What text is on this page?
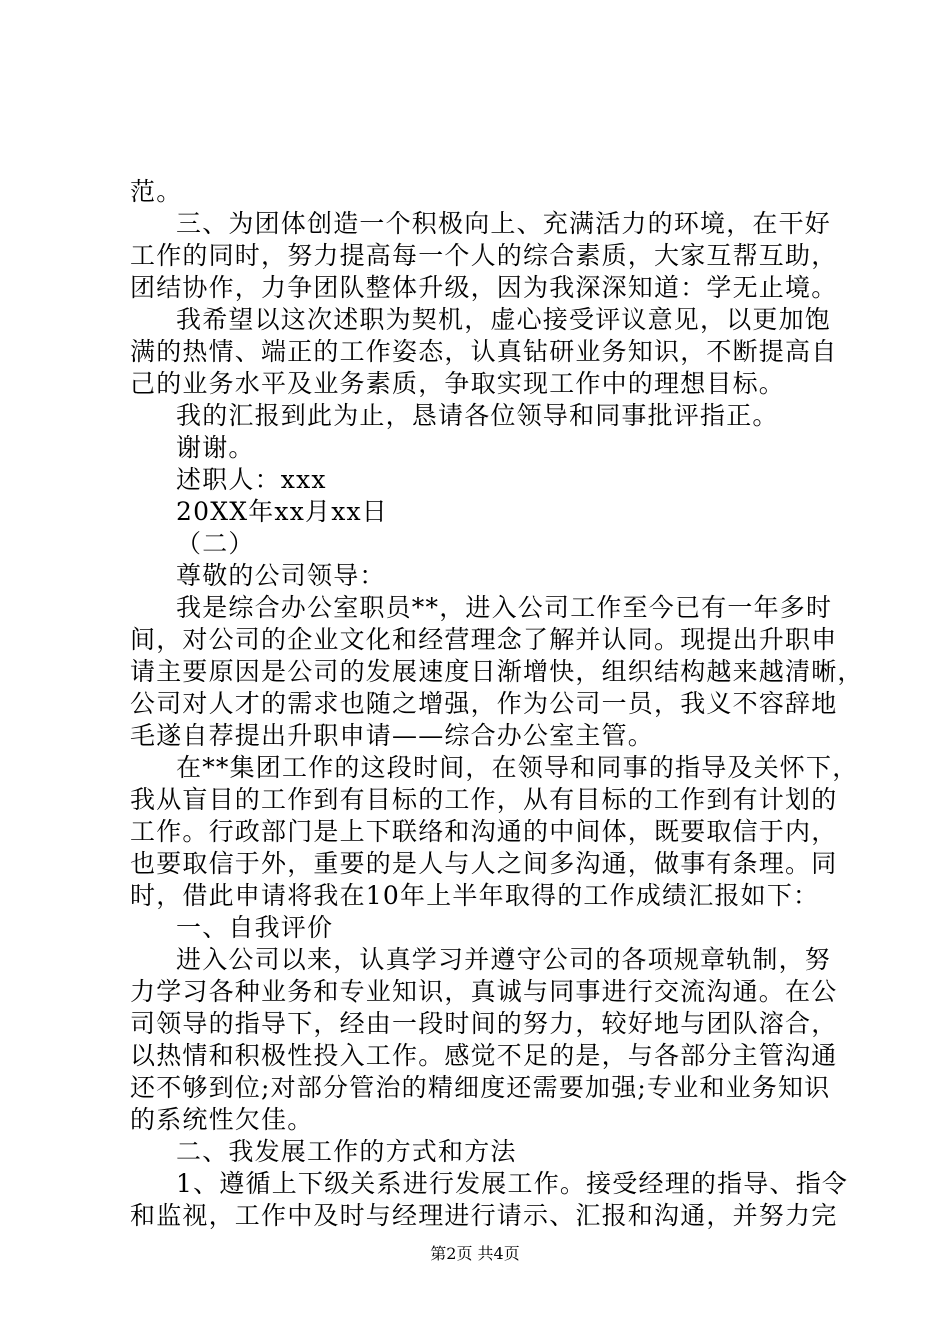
范。
三、为团体创造一个积极向上、充满活力的环境，在干好
工作的同时，努力提高每一个人的综合素质，大家互帮互助，
团结协作，力争团队整体升级，因为我深深知道：学无止境。
我希望以这次述职为契机，虚心接受评议意见，以更加饱
满的热情、端正的工作姿态，认真钻研业务知识，不断提高自
己的业务水平及业务素质，争取实现工作中的理想目标。
我的汇报到此为止，恳请各位领导和同事批评指正。
谢谢。
述职人：xxx
20XX年xx月xx日
（二）
尊敬的公司领导：
我是综合办公室职员**，进入公司工作至今已有一年多时
间，对公司的企业文化和经营理念了解并认同。现提出升职申
请主要原因是公司的发展速度日渐增快，组织结构越来越清晰，
公司对人才的需求也随之增强，作为公司一员，我义不容辞地
毛遂自荐提出升职申请——综合办公室主管。
在**集团工作的这段时间，在领导和同事的指导及关怀下，
我从盲目的工作到有目标的工作，从有目标的工作到有计划的
工作。行政部门是上下联络和沟通的中间体，既要取信于内，
也要取信于外，重要的是人与人之间多沟通，做事有条理。同
时，借此申请将我在10年上半年取得的工作成绩汇报如下：
一、自我评价
进入公司以来，认真学习并遵守公司的各项规章轨制，努
力学习各种业务和专业知识，真诚与同事进行交流沟通。在公
司领导的指导下，经由一段时间的努力，较好地与团队溶合，
以热情和积极性投入工作。感觉不足的是，与各部分主管沟通
还不够到位;对部分管治的精细度还需要加强;专业和业务知识
的系统性欠佳。
二、我发展工作的方式和方法
1、遵循上下级关系进行发展工作。接受经理的指导、指令
和监视，工作中及时与经理进行请示、汇报和沟通，并努力完
第2页 共4页
